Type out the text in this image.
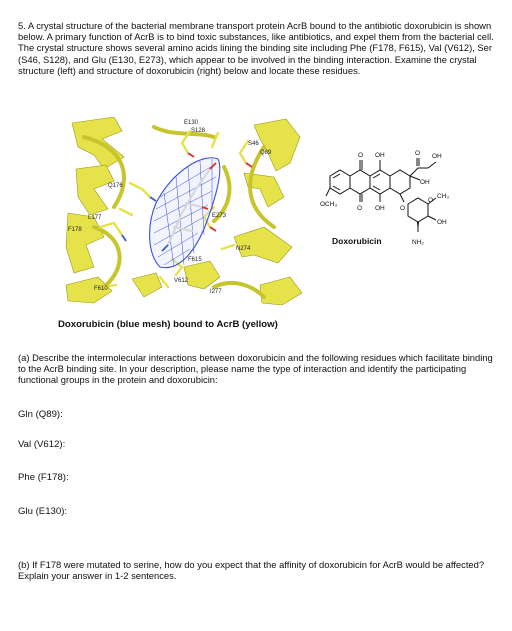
5. A crystal structure of the bacterial membrane transport protein AcrB bound to the antibiotic doxorubicin is shown below. A primary function of AcrB is to bind toxic substances, like antibiotics, and expel them from the bacterial cell. The crystal structure shows several amino acids lining the binding site including Phe (F178, F615), Val (V612), Ser (S46, S128), and Glu (E130, E273), which appear to be involved in the binding interaction. Examine the crystal structure (left) and structure of doxorubicin (right) below and locate these residues.
E130
S128
S46
Q89
Q176
L177
F178
E273
N274
F615
V612
F610	I277
O OH	O OH
OH
OCH₃
O OH O
O
CH₃
OH
Doxorubicin	NH₂
Doxorubicin (blue mesh) bound to AcrB (yellow)
(a) Describe the intermolecular interactions between doxorubicin and the following residues which facilitate binding to the AcrB binding site. In your description, please name the type of interaction and identify the participating functional groups in the protein and doxorubicin:
Gln (Q89):
Val (V612):
Phe (F178):
Glu (E130):
(b) If F178 were mutated to serine, how do you expect that the affinity of doxorubicin for AcrB would be affected? Explain your answer in 1-2 sentences.
